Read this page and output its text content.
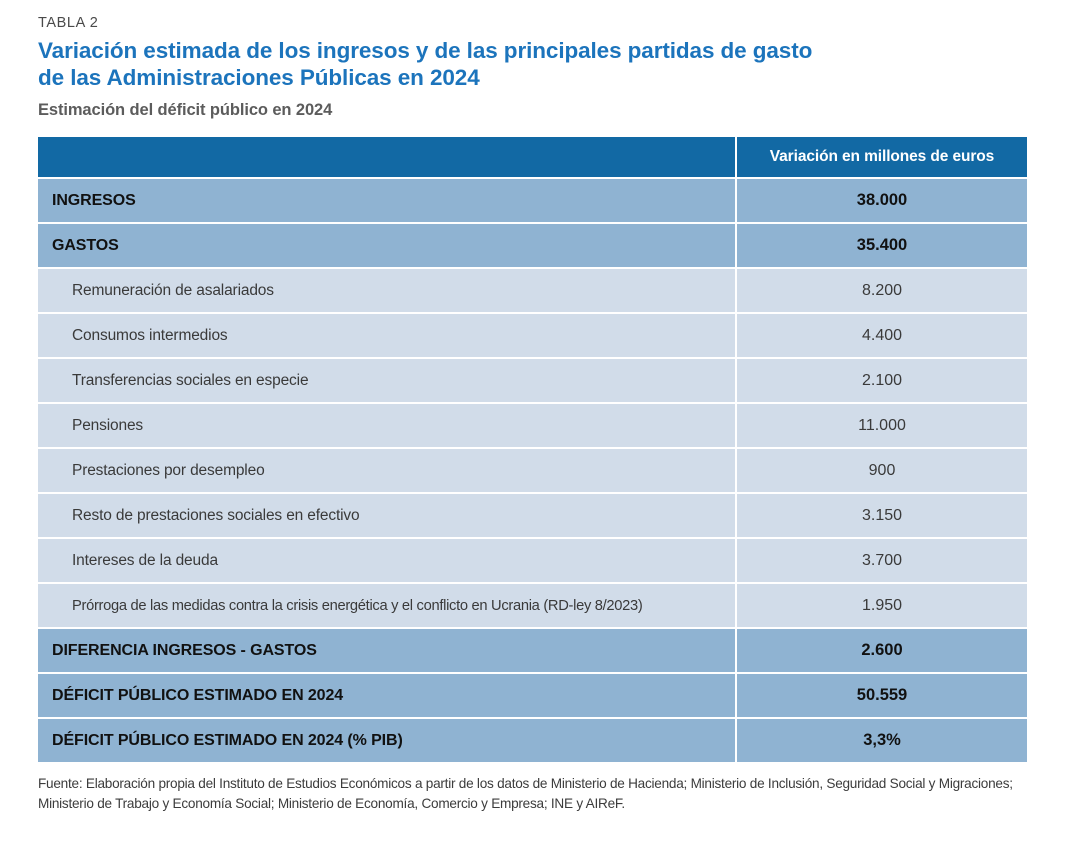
TABLA 2
Variación estimada de los ingresos y de las principales partidas de gasto
de las Administraciones Públicas en 2024
Estimación del déficit público en 2024
	Variación en millones de euros
INGRESOS	38.000
GASTOS	35.400
Remuneración de asalariados	8.200
Consumos intermedios	4.400
Transferencias sociales en especie	2.100
Pensiones	11.000
Prestaciones por desempleo	900
Resto de prestaciones sociales en efectivo	3.150
Intereses de la deuda	3.700
Prórroga de las medidas contra la crisis energética y el conflicto en Ucrania (RD-ley 8/2023)	1.950
DIFERENCIA INGRESOS - GASTOS	2.600
DÉFICIT PÚBLICO ESTIMADO EN 2024	50.559
DÉFICIT PÚBLICO ESTIMADO EN 2024 (% PIB)	3,3%
Fuente: Elaboración propia del Instituto de Estudios Económicos a partir de los datos de Ministerio de Hacienda; Ministerio de Inclusión, Seguridad Social y Migraciones; Ministerio de Trabajo y Economía Social; Ministerio de Economía, Comercio y Empresa; INE y AIReF.
